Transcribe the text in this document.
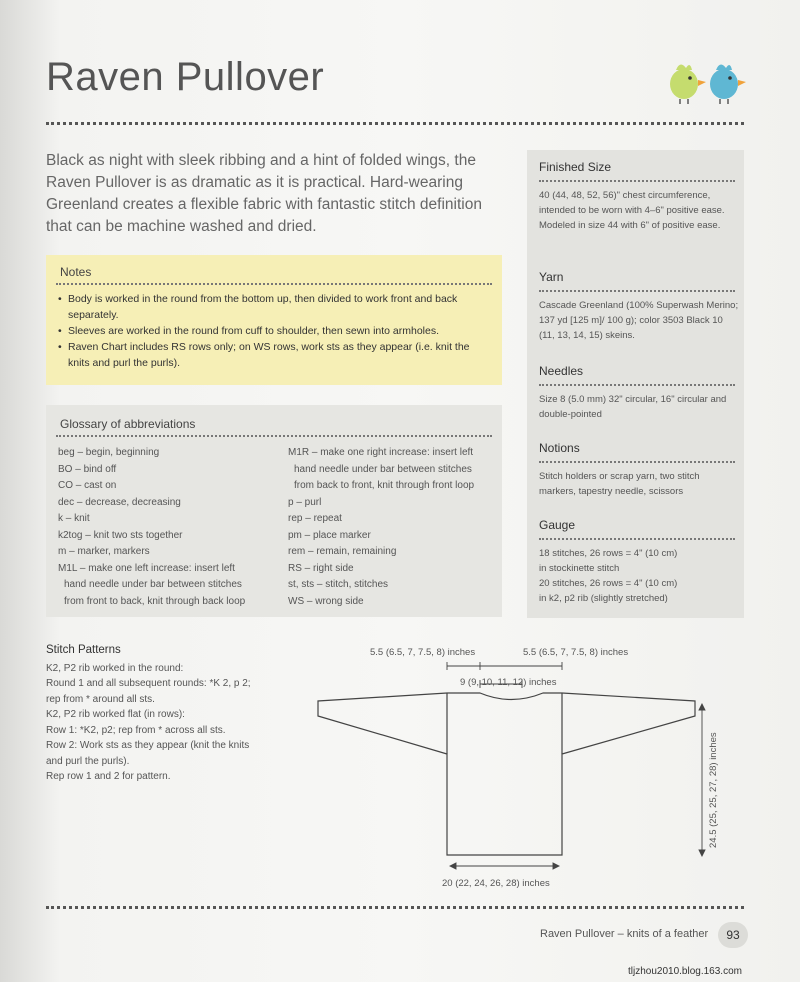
Raven Pullover
Black as night with sleek ribbing and a hint of folded wings, the Raven Pullover is as dramatic as it is practical. Hard-wearing Greenland creates a flexible fabric with fantastic stitch definition that can be machine washed and dried.
Notes
• Body is worked in the round from the bottom up, then divided to work front and back separately.
• Sleeves are worked in the round from cuff to shoulder, then sewn into armholes.
• Raven Chart includes RS rows only; on WS rows, work sts as they appear (i.e. knit the knits and purl the purls).
Glossary of abbreviations
beg – begin, beginning
BO – bind off
CO – cast on
dec – decrease, decreasing
k – knit
k2tog – knit two sts together
m – marker, markers
M1L – make one left increase: insert left
hand needle under bar between stitches
from front to back, knit through back loop
M1R – make one right increase: insert left
hand needle under bar between stitches
from back to front, knit through front loop
p – purl
rep – repeat
pm – place marker
rem – remain, remaining
RS – right side
st, sts – stitch, stitches
WS – wrong side
Finished Size

40 (44, 48, 52, 56)" chest circumference, intended to be worn with 4–6" positive ease. Modeled in size 44 with 6" of positive ease.

Yarn

Cascade Greenland (100% Superwash Merino; 137 yd [125 m]/ 100 g); color 3503 Black 10 (11, 13, 14, 15) skeins.

Needles

Size 8 (5.0 mm) 32" circular, 16" circular and double-pointed

Notions

Stitch holders or scrap yarn, two stitch markers, tapestry needle, scissors

Gauge

18 stitches, 26 rows = 4" (10 cm)

in stockinette stitch

20 stitches, 26 rows = 4" (10 cm)

in k2, p2 rib (slightly stretched)

Stitch Patterns
K2, P2 rib worked in the round:
Round 1 and all subsequent rounds: *K 2, p 2;
rep from * around all sts.
K2, P2 rib worked flat (in rows):
Row 1: *K2, p2; rep from * across all sts.
Row 2: Work sts as they appear (knit the knits
and purl the purls).
Rep row 1 and 2 for pattern.
5.5 (6.5, 7, 7.5, 8) inches	5.5 (6.5, 7, 7.5, 8) inches
9 (9, 10, 11, 12) inches
20 (22, 24, 26, 28) inches
24.5 (25, 25, 27, 28) inches
Raven Pullover – knits of a feather	93
tljzhou2010.blog.163.com
